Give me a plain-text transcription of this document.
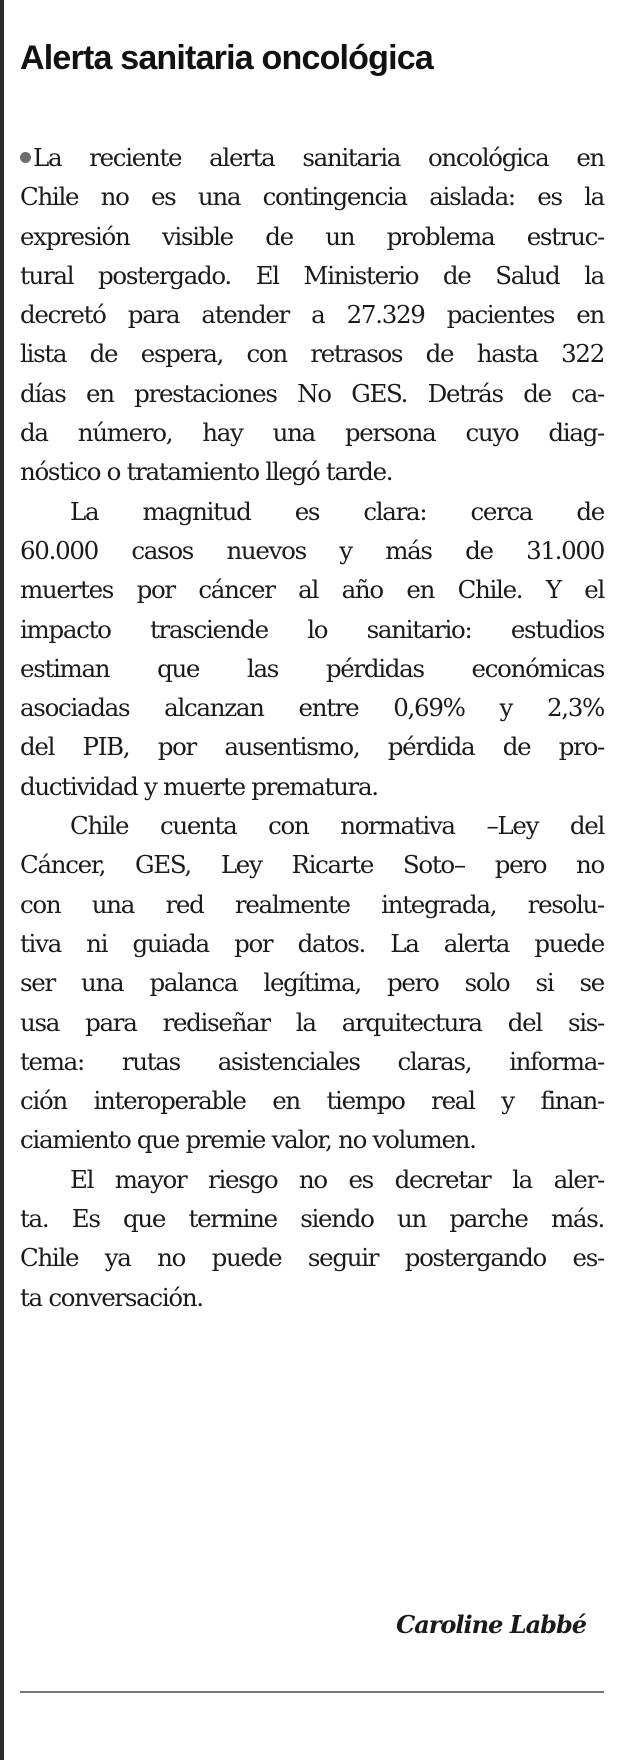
Alerta sanitaria oncológica
La reciente alerta sanitaria oncológica en
Chile no es una contingencia aislada: es la
expresión visible de un problema estruc-
tural postergado. El Ministerio de Salud la
decretó para atender a 27.329 pacientes en
lista de espera, con retrasos de hasta 322
días en prestaciones No GES. Detrás de ca-
da número, hay una persona cuyo diag-
nóstico o tratamiento llegó tarde.
La magnitud es clara: cerca de
60.000 casos nuevos y más de 31.000
muertes por cáncer al año en Chile. Y el
impacto trasciende lo sanitario: estudios
estiman que las pérdidas económicas
asociadas alcanzan entre 0,69% y 2,3%
del PIB, por ausentismo, pérdida de pro-
ductividad y muerte prematura.
Chile cuenta con normativa –Ley del
Cáncer, GES, Ley Ricarte Soto– pero no
con una red realmente integrada, resolu-
tiva ni guiada por datos. La alerta puede
ser una palanca legítima, pero solo si se
usa para rediseñar la arquitectura del sis-
tema: rutas asistenciales claras, informa-
ción interoperable en tiempo real y finan-
ciamiento que premie valor, no volumen.
El mayor riesgo no es decretar la aler-
ta. Es que termine siendo un parche más.
Chile ya no puede seguir postergando es-
ta conversación.
Caroline Labbé
